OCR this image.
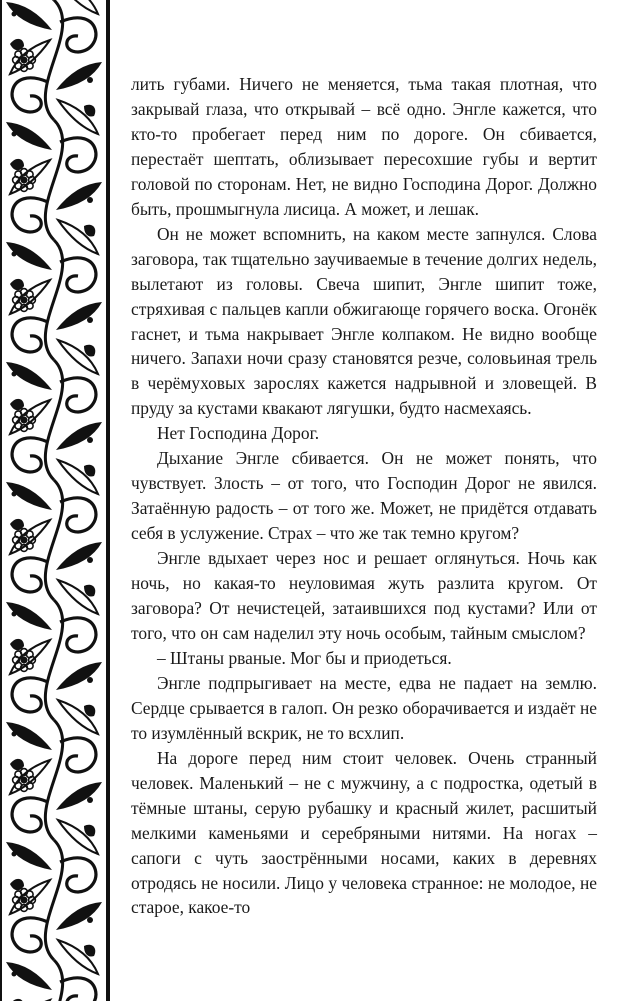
лить губами. Ничего не меняется, тьма такая плотная, что закрывай глаза, что открывай – всё одно. Энгле кажется, что кто-то пробегает перед ним по дороге. Он сбивается, перестаёт шептать, облизывает пересохшие губы и вертит головой по сторонам. Нет, не видно Господина Дорог. Должно быть, прошмыгнула лисица. А может, и лешак.

Он не может вспомнить, на каком месте запнулся. Слова заговора, так тщательно заучиваемые в течение долгих недель, вылетают из головы. Свеча шипит, Энгле шипит тоже, стряхивая с пальцев капли обжигающе горячего воска. Огонёк гаснет, и тьма накрывает Энгле колпаком. Не видно вообще ничего. Запахи ночи сразу становятся резче, соловьиная трель в черёмуховых зарослях кажется надрывной и зловещей. В пруду за кустами квакают лягушки, будто насмехаясь.

Нет Господина Дорог.

Дыхание Энгле сбивается. Он не может понять, что чувствует. Злость – от того, что Господин Дорог не явился. Затаённую радость – от того же. Может, не придётся отдавать себя в услужение. Страх – что же так темно кругом?

Энгле вдыхает через нос и решает оглянуться. Ночь как ночь, но какая-то неуловимая жуть разлита кругом. От заговора? От нечистецей, затаившихся под кустами? Или от того, что он сам наделил эту ночь особым, тайным смыслом?

– Штаны рваные. Мог бы и приодеться.

Энгле подпрыгивает на месте, едва не падает на землю. Сердце срывается в галоп. Он резко оборачивается и издаёт не то изумлённый вскрик, не то всхлип.

На дороге перед ним стоит человек. Очень странный человек. Маленький – не с мужчину, а с подростка, одетый в тёмные штаны, серую рубашку и красный жилет, расшитый мелкими каменьями и серебряными нитями. На ногах – сапоги с чуть заострёнными носами, каких в деревнях отродясь не носили. Лицо у человека странное: не молодое, не старое, какое-то
